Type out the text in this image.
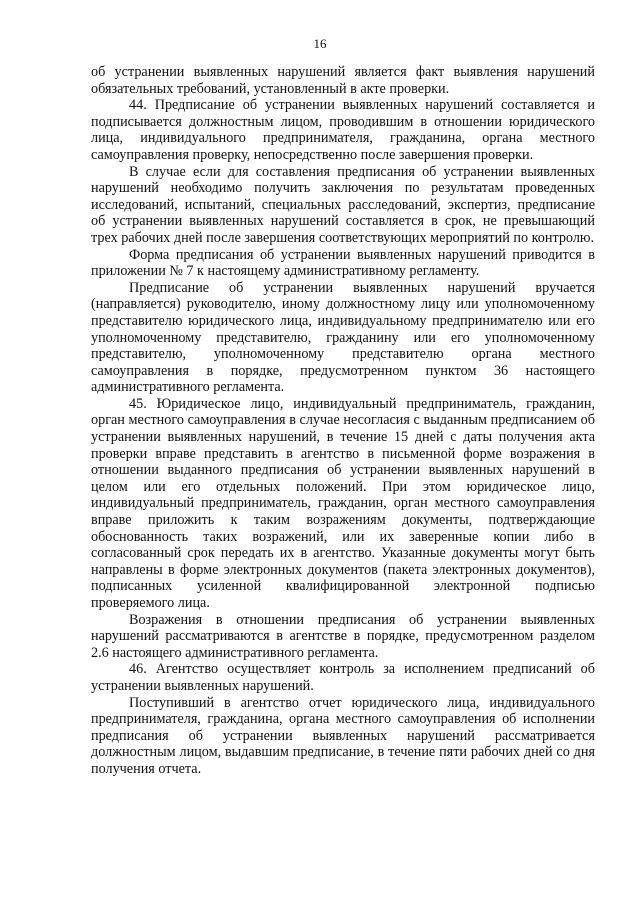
16

об устранении выявленных нарушений является факт выявления нарушений обязательных требований, установленный в акте проверки.

44. Предписание об устранении выявленных нарушений составляется и подписывается должностным лицом, проводившим в отношении юридического лица, индивидуального предпринимателя, гражданина, органа местного самоуправления проверку, непосредственно после завершения проверки.

В случае если для составления предписания об устранении выявленных нарушений необходимо получить заключения по результатам проведенных исследований, испытаний, специальных расследований, экспертиз, предписание об устранении выявленных нарушений составляется в срок, не превышающий трех рабочих дней после завершения соответствующих мероприятий по контролю.

Форма предписания об устранении выявленных нарушений приводится в приложении № 7 к настоящему административному регламенту.

Предписание об устранении выявленных нарушений вручается (направляется) руководителю, иному должностному лицу или уполномоченному представителю юридического лица, индивидуальному предпринимателю или его уполномоченному представителю, гражданину или его уполномоченному представителю, уполномоченному представителю органа местного самоуправления в порядке, предусмотренном пунктом 36 настоящего административного регламента.

45. Юридическое лицо, индивидуальный предприниматель, гражданин, орган местного самоуправления в случае несогласия с выданным предписанием об устранении выявленных нарушений, в течение 15 дней с даты получения акта проверки вправе представить в агентство в письменной форме возражения в отношении выданного предписания об устранении выявленных нарушений в целом или его отдельных положений. При этом юридическое лицо, индивидуальный предприниматель, гражданин, орган местного самоуправления вправе приложить к таким возражениям документы, подтверждающие обоснованность таких возражений, или их заверенные копии либо в согласованный срок передать их в агентство. Указанные документы могут быть направлены в форме электронных документов (пакета электронных документов), подписанных усиленной квалифицированной электронной подписью проверяемого лица.

Возражения в отношении предписания об устранении выявленных нарушений рассматриваются в агентстве в порядке, предусмотренном разделом 2.6 настоящего административного регламента.

46. Агентство осуществляет контроль за исполнением предписаний об устранении выявленных нарушений.

Поступивший в агентство отчет юридического лица, индивидуального предпринимателя, гражданина, органа местного самоуправления об исполнении предписания об устранении выявленных нарушений рассматривается должностным лицом, выдавшим предписание, в течение пяти рабочих дней со дня получения отчета.
